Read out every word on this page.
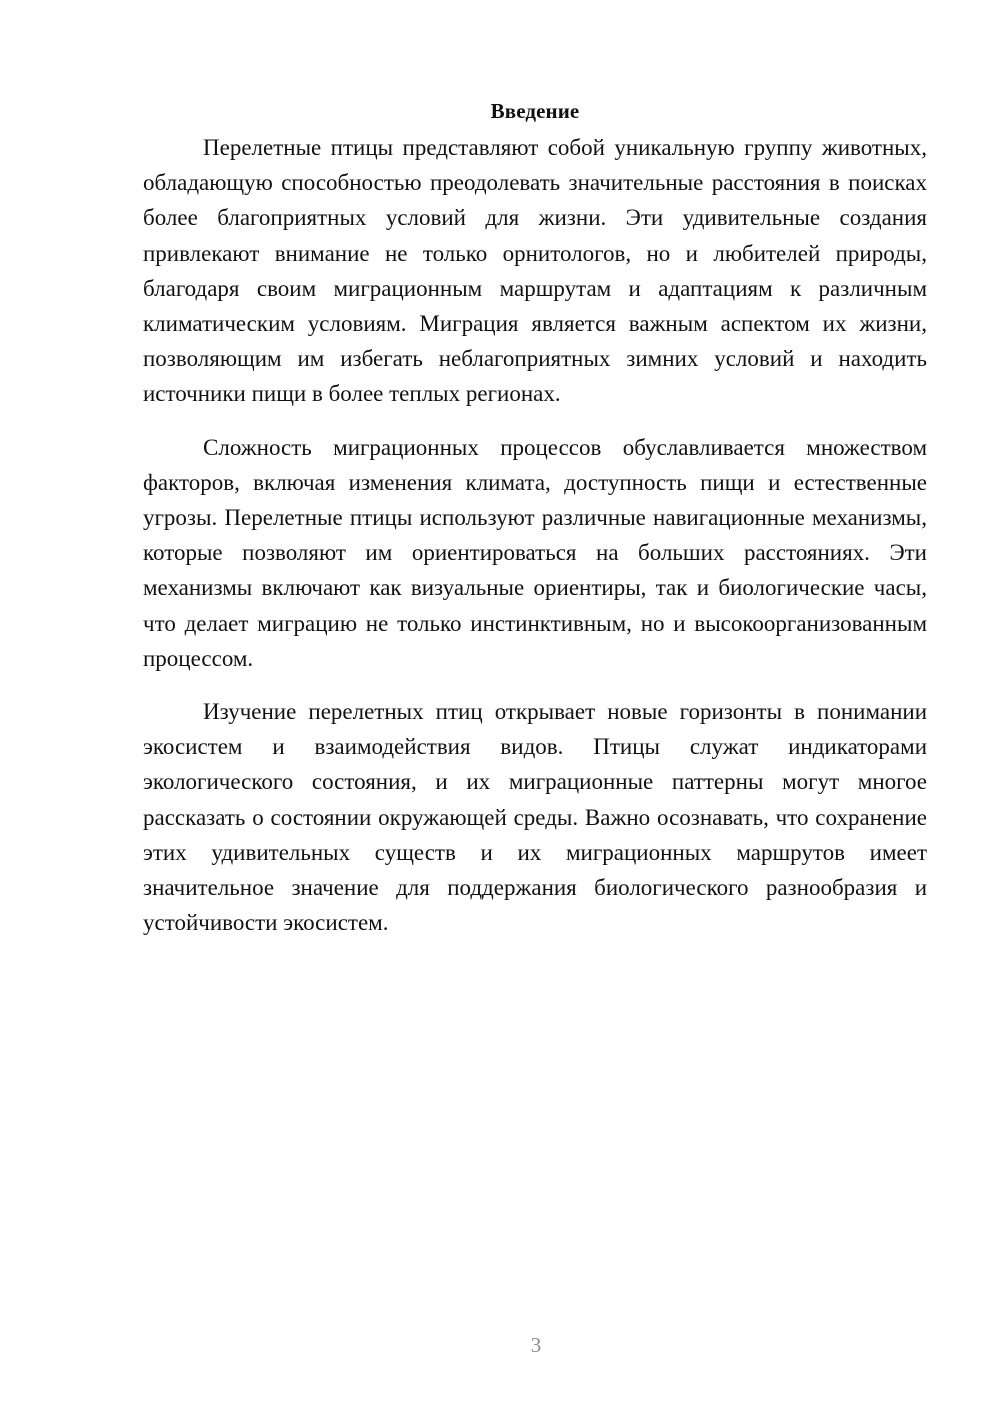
Введение

Перелетные птицы представляют собой уникальную группу животных, обладающую способностью преодолевать значительные расстояния в поисках более благоприятных условий для жизни. Эти удивительные создания привлекают внимание не только орнитологов, но и любителей природы, благодаря своим миграционным маршрутам и адаптациям к различным климатическим условиям. Миграция является важным аспектом их жизни, позволяющим им избегать неблагоприятных зимних условий и находить источники пищи в более теплых регионах.

Сложность миграционных процессов обуславливается множеством факторов, включая изменения климата, доступность пищи и естественные угрозы. Перелетные птицы используют различные навигационные механизмы, которые позволяют им ориентироваться на больших расстояниях. Эти механизмы включают как визуальные ориентиры, так и биологические часы, что делает миграцию не только инстинктивным, но и высокоорганизованным процессом.

Изучение перелетных птиц открывает новые горизонты в понимании экосистем и взаимодействия видов. Птицы служат индикаторами экологического состояния, и их миграционные паттерны могут многое рассказать о состоянии окружающей среды. Важно осознавать, что сохранение этих удивительных существ и их миграционных маршрутов имеет значительное значение для поддержания биологического разнообразия и устойчивости экосистем.

3
